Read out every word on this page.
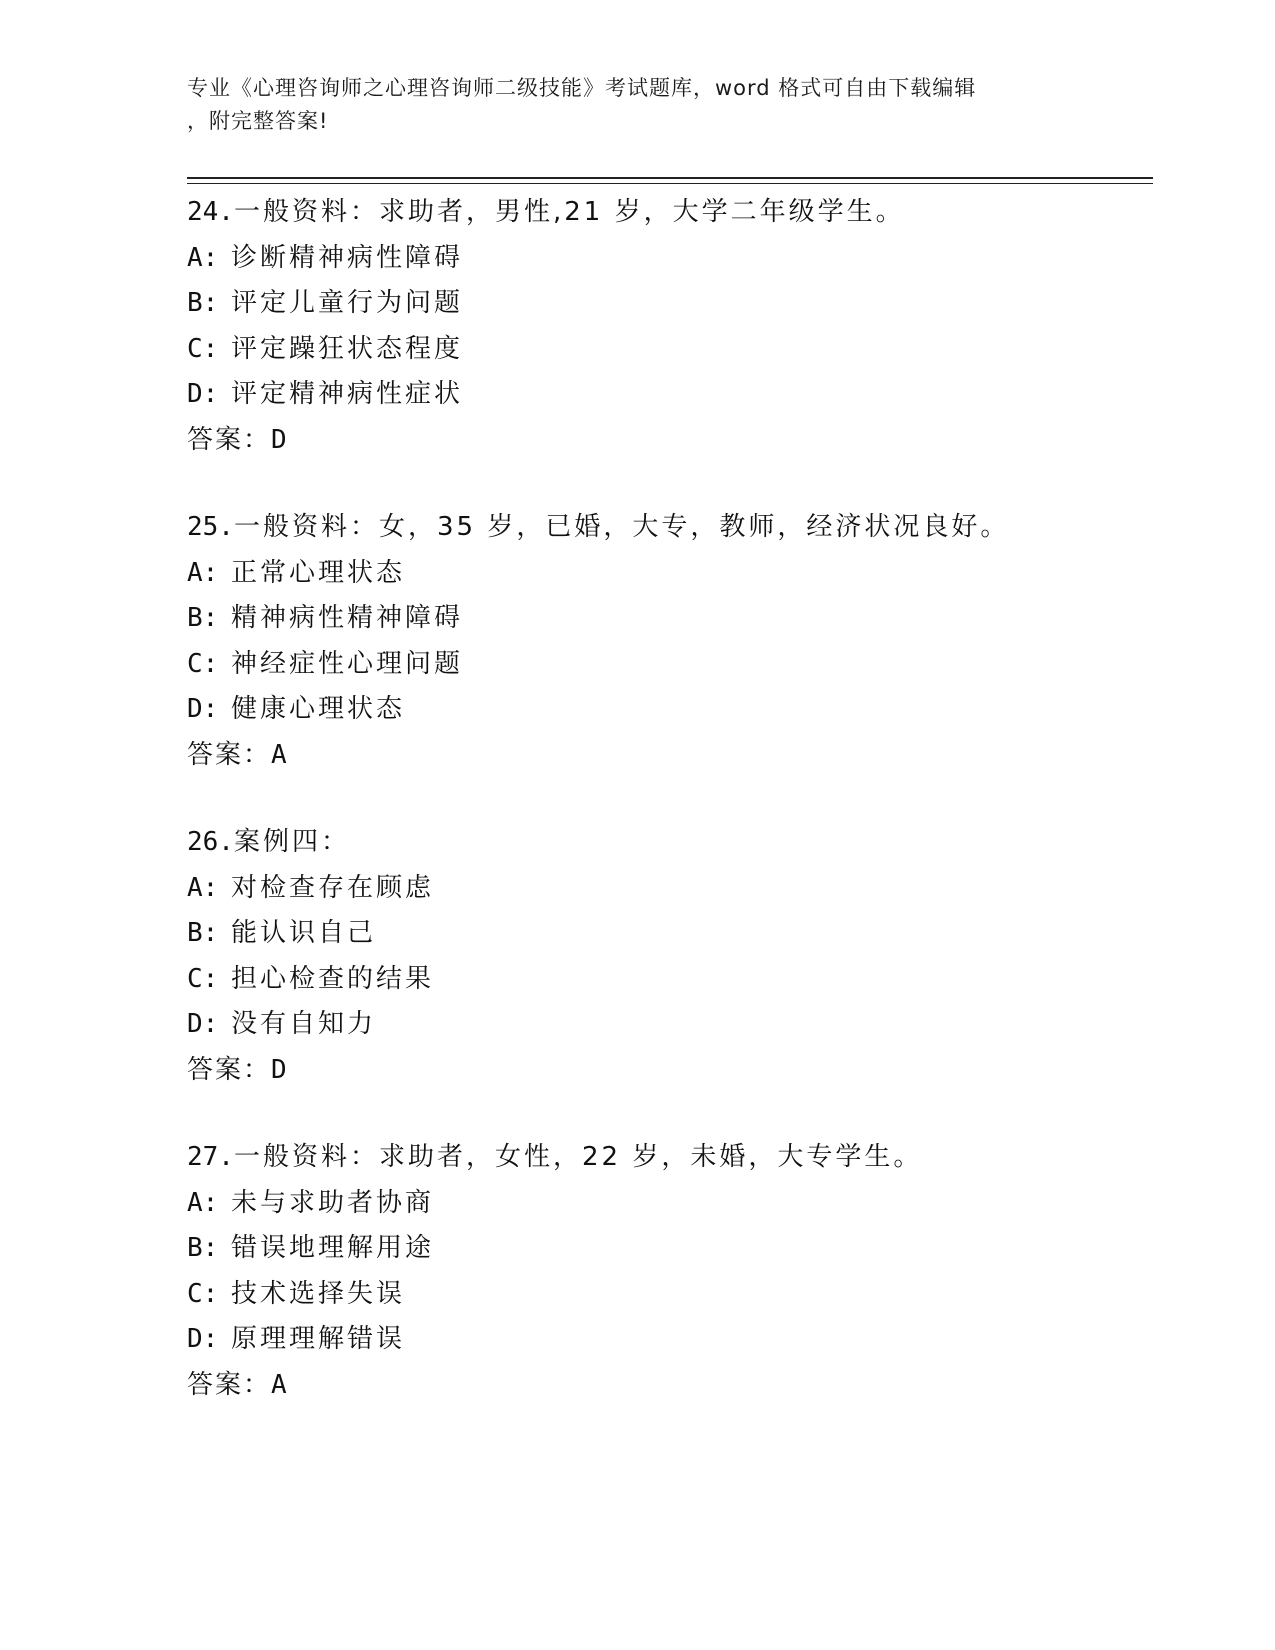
专业《心理咨询师之心理咨询师二级技能》考试题库，word 格式可自由下载编辑
，附完整答案!
24.一般资料：求助者，男性,21 岁，大学二年级学生。
A: 诊断精神病性障碍
B: 评定儿童行为问题
C: 评定躁狂状态程度
D: 评定精神病性症状
答案：D
25.一般资料：女，35 岁，已婚，大专，教师，经济状况良好。
A: 正常心理状态
B: 精神病性精神障碍
C: 神经症性心理问题
D: 健康心理状态
答案：A
26.案例四：
A: 对检查存在顾虑
B: 能认识自己
C: 担心检查的结果
D: 没有自知力
答案：D
27.一般资料：求助者，女性，22 岁，未婚，大专学生。
A: 未与求助者协商
B: 错误地理解用途
C: 技术选择失误
D: 原理理解错误
答案：A
